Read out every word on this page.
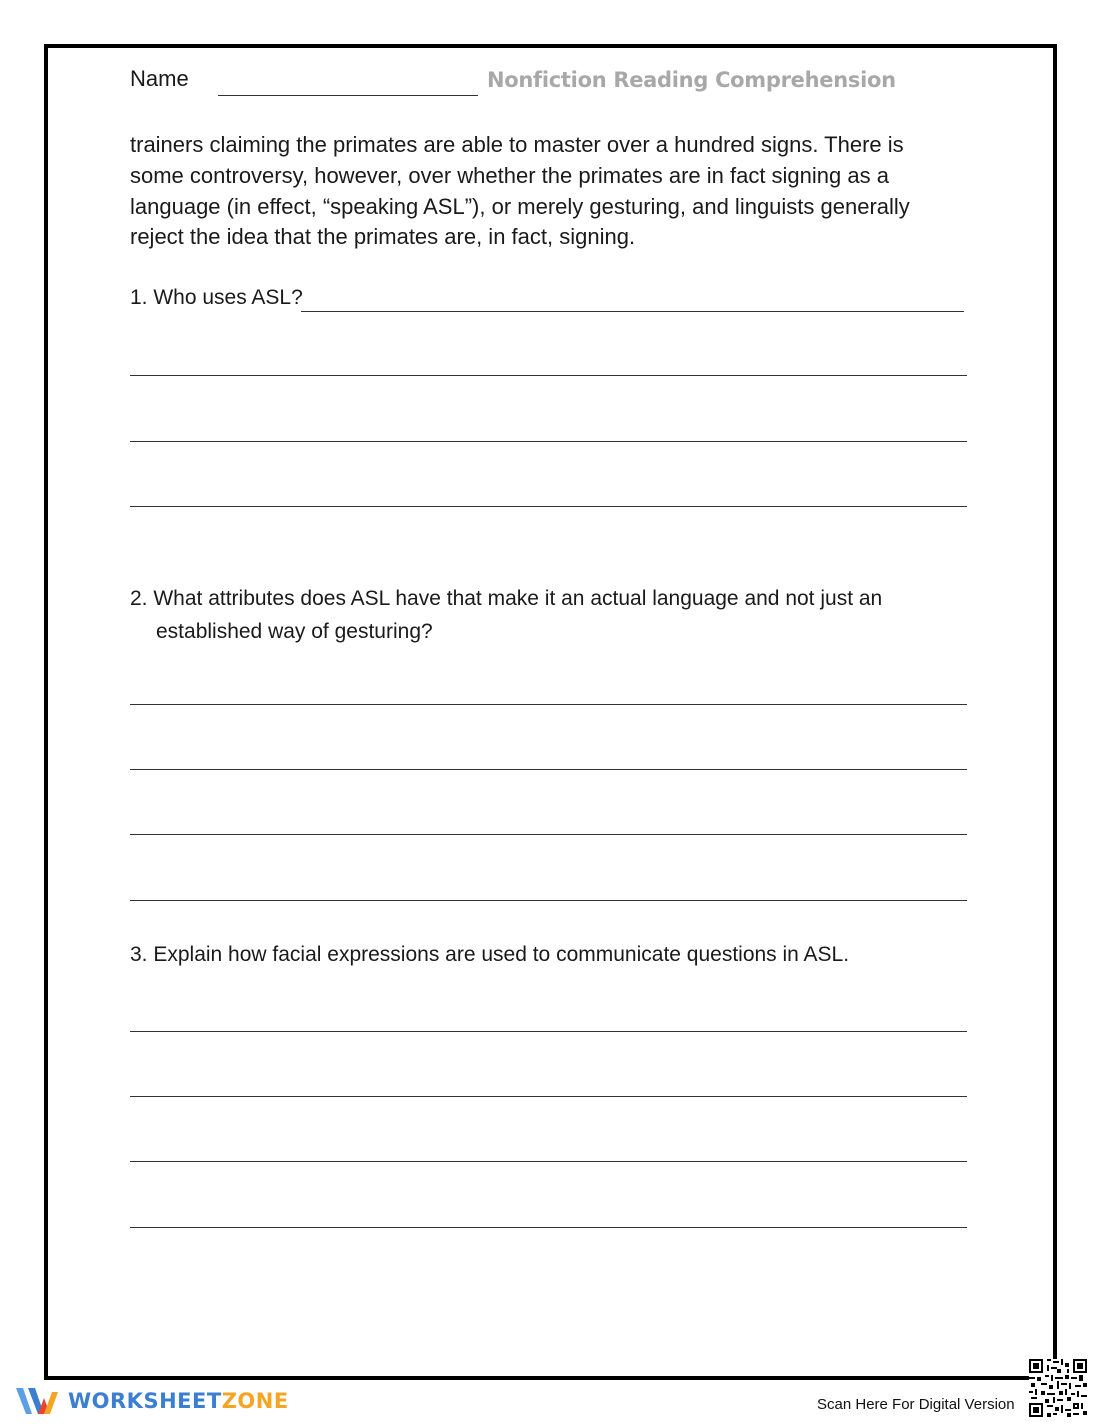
Name	Nonfiction Reading Comprehension

trainers claiming the primates are able to master over a hundred signs. There is some controversy, however, over whether the primates are in fact signing as a language (in effect, “speaking ASL”), or merely gesturing, and linguists generally reject the idea that the primates are, in fact, signing.

1. Who uses ASL?

2. What attributes does ASL have that make it an actual language and not just an
established way of gesturing?

3. Explain how facial expressions are used to communicate questions in ASL.

WORKSHEETZONE	Scan Here For Digital Version
